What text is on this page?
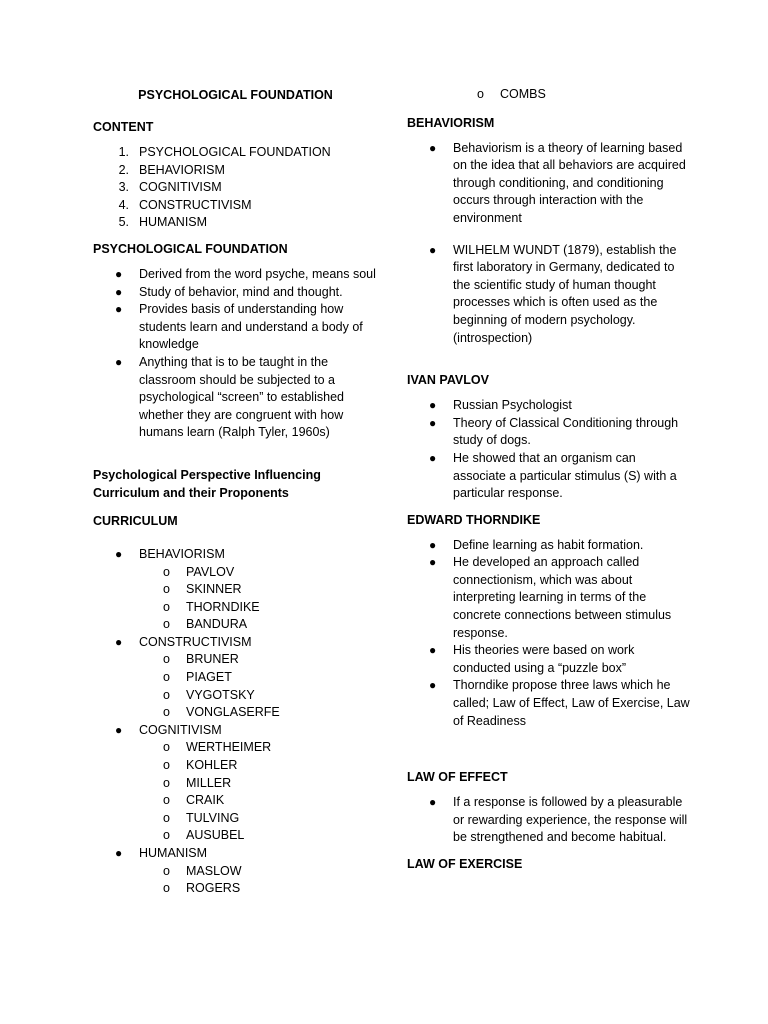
PSYCHOLOGICAL FOUNDATION

CONTENT

1. PSYCHOLOGICAL FOUNDATION
2. BEHAVIORISM
3. COGNITIVISM
4. CONSTRUCTIVISM
5. HUMANISM

PSYCHOLOGICAL FOUNDATION

● Derived from the word psyche, means soul
● Study of behavior, mind and thought.
● Provides basis of understanding how students learn and understand a body of knowledge
● Anything that is to be taught in the classroom should be subjected to a psychological “screen” to established whether they are congruent with how humans learn (Ralph Tyler, 1960s)

Psychological Perspective Influencing Curriculum and their Proponents

CURRICULUM

● BEHAVIORISM
o PAVLOV
o SKINNER
o THORNDIKE
o BANDURA
● CONSTRUCTIVISM
o BRUNER
o PIAGET
o VYGOTSKY
o VONGLASERFE
● COGNITIVISM
o WERTHEIMER
o KOHLER
o MILLER
o CRAIK
o TULVING
o AUSUBEL
● HUMANISM
o MASLOW
o ROGERS
o COMBS

BEHAVIORISM

● Behaviorism is a theory of learning based on the idea that all behaviors are acquired through conditioning, and conditioning occurs through interaction with the environment
● WILHELM WUNDT (1879), establish the first laboratory in Germany, dedicated to the scientific study of human thought processes which is often used as the beginning of modern psychology. (introspection)

IVAN PAVLOV

● Russian Psychologist
● Theory of Classical Conditioning through study of dogs.
● He showed that an organism can associate a particular stimulus (S) with a particular response.

EDWARD THORNDIKE

● Define learning as habit formation.
● He developed an approach called connectionism, which was about interpreting learning in terms of the concrete connections between stimulus response.
● His theories were based on work conducted using a “puzzle box”
● Thorndike propose three laws which he called; Law of Effect, Law of Exercise, Law of Readiness

LAW OF EFFECT

● If a response is followed by a pleasurable or rewarding experience, the response will be strengthened and become habitual.

LAW OF EXERCISE
